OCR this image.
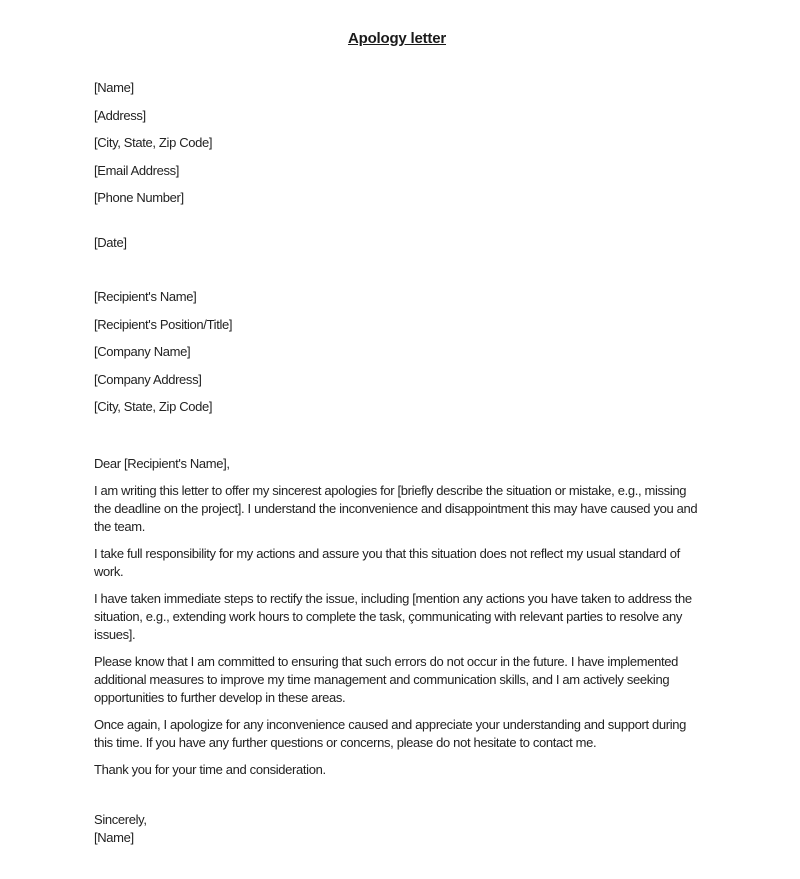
Apology letter
[Name]
[Address]
[City, State, Zip Code]
[Email Address]
[Phone Number]
[Date]
[Recipient's Name]
[Recipient's Position/Title]
[Company Name]
[Company Address]
[City, State, Zip Code]

Dear [Recipient's Name],

I am writing this letter to offer my sincerest apologies for [briefly describe the situation or mistake, e.g., missing the deadline on the project]. I understand the inconvenience and disappointment this may have caused you and the team.

I take full responsibility for my actions and assure you that this situation does not reflect my usual standard of work.

I have taken immediate steps to rectify the issue, including [mention any actions you have taken to address the situation, e.g., extending work hours to complete the task, çommunicating with relevant parties to resolve any issues].

Please know that I am committed to ensuring that such errors do not occur in the future. I have implemented additional measures to improve my time management and communication skills, and I am actively seeking opportunities to further develop in these areas.

Once again, I apologize for any inconvenience caused and appreciate your understanding and support during this time. If you have any further questions or concerns, please do not hesitate to contact me.

Thank you for your time and consideration.

Sincerely,
[Name]
